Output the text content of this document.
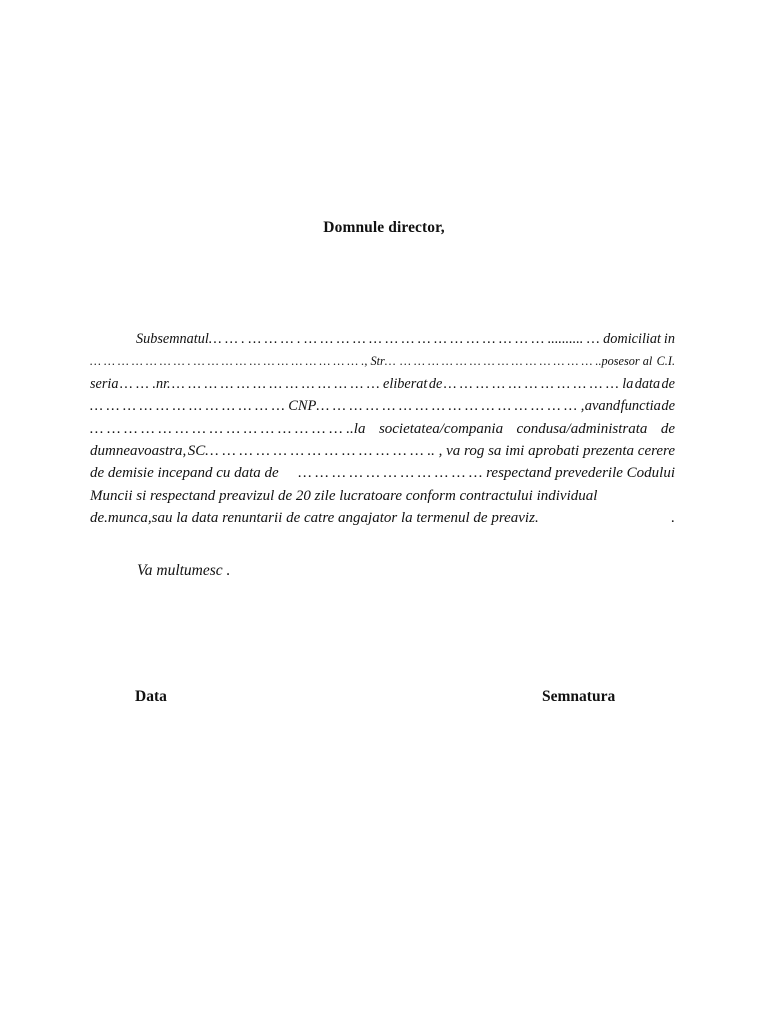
Domnule director,
Subsemnatul… … . … … … . … … … … … … … … … … … … … … … .......... … domiciliat in
… … … … … … … . … … … … … … … … … … … … ., Str… … … … … … … … … … … … … … … ..posesor al C.I.
seria … … .nr. … … … … … … … … … … … … … eliberat de … … … … … … … … … … … la data de
… … … … … … … … … … … … CNP… … … … … … … … … … … … … … … … , avand functia de
… … … … … … … … … … … … … … … ..la societatea/compania condusa/administrata de
dumneavoastra, SC… … … … … … … … … … … … … .. , va rog sa imi aprobati prezenta cerere
de demisie incepand cu data de … … … … … … … … … … … respectand prevederile Codului
Muncii si respectand preavizul de 20 zile lucratoare conform contractului individual
de.munca,sau la data renuntarii de catre angajator la termenul de preaviz.	.
Va multumesc .
Data	Semnatura
